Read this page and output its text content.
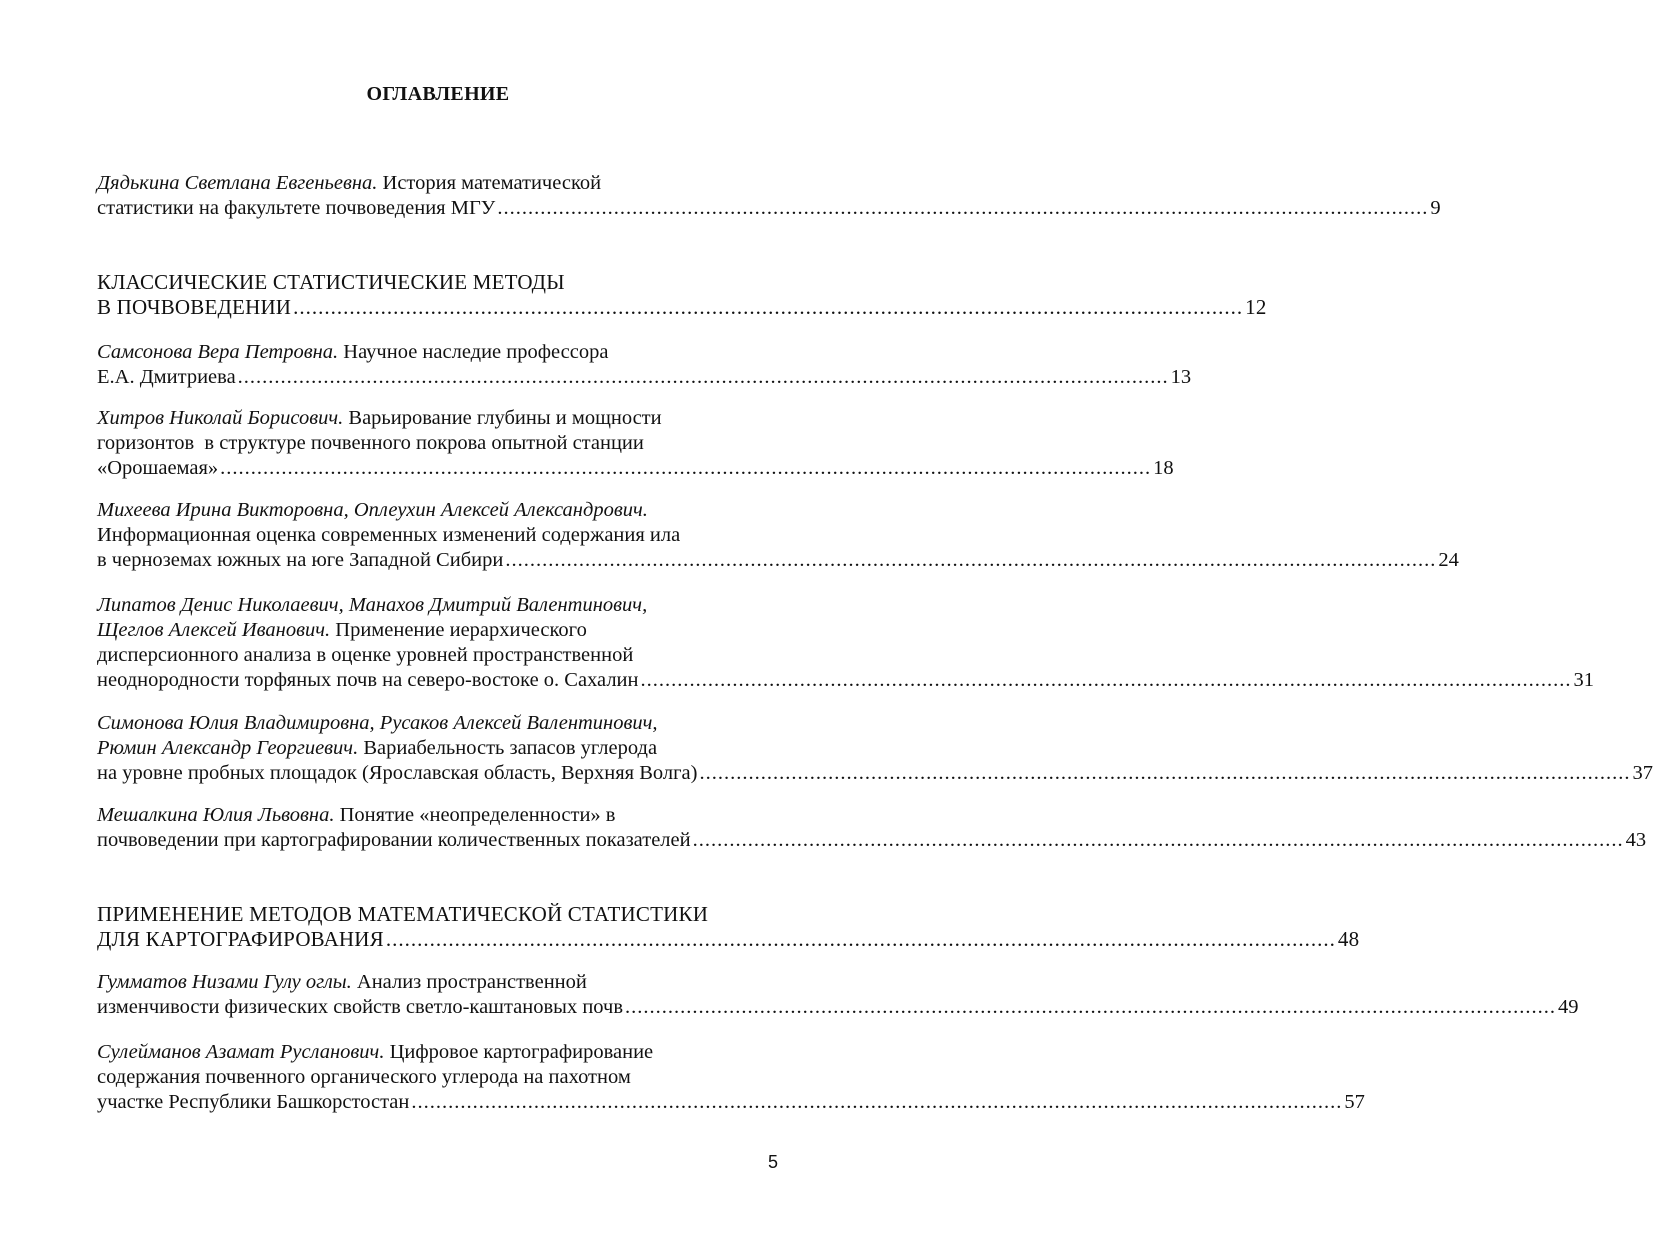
ОГЛАВЛЕНИЕ
Дядькина Светлана Евгеньевна. История математической
статистики на факультете почвоведения МГУ ........................................................................................................................................................ 9
КЛАССИЧЕСКИЕ СТАТИСТИЧЕСКИЕ МЕТОДЫ
В ПОЧВОВЕДЕНИИ ........................................................................................................................................................ 12
Самсонова Вера Петровна. Научное наследие профессора
Е.А. Дмитриева ........................................................................................................................................................ 13
Хитров Николай Борисович. Варьирование глубины и мощности
горизонтов  в структуре почвенного покрова опытной станции
«Орошаемая» ........................................................................................................................................................ 18
Михеева Ирина Викторовна, Оплеухин Алексей Александрович.
Информационная оценка современных изменений содержания ила
в черноземах южных на юге Западной Сибири ........................................................................................................................................................ 24
Липатов Денис Николаевич, Манахов Дмитрий Валентинович,
Щеглов Алексей Иванович. Применение иерархического
дисперсионного анализа в оценке уровней пространственной
неоднородности торфяных почв на северо-востоке о. Сахалин ........................................................................................................................................................ 31
Симонова Юлия Владимировна, Русаков Алексей Валентинович,
Рюмин Александр Георгиевич. Вариабельность запасов углерода
на уровне пробных площадок (Ярославская область, Верхняя Волга) ........................................................................................................................................................ 37
Мешалкина Юлия Львовна. Понятие «неопределенности» в
почвоведении при картографировании количественных показателей ........................................................................................................................................................ 43
ПРИМЕНЕНИЕ МЕТОДОВ МАТЕМАТИЧЕСКОЙ СТАТИСТИКИ
ДЛЯ КАРТОГРАФИРОВАНИЯ ........................................................................................................................................................ 48
Гумматов Низами Гулу оглы. Анализ пространственной
изменчивости физических свойств светло-каштановых почв ........................................................................................................................................................ 49
Сулейманов Азамат Русланович. Цифровое картографирование
содержания почвенного органического углерода на пахотном
участке Республики Башкорстостан ........................................................................................................................................................ 57
5
